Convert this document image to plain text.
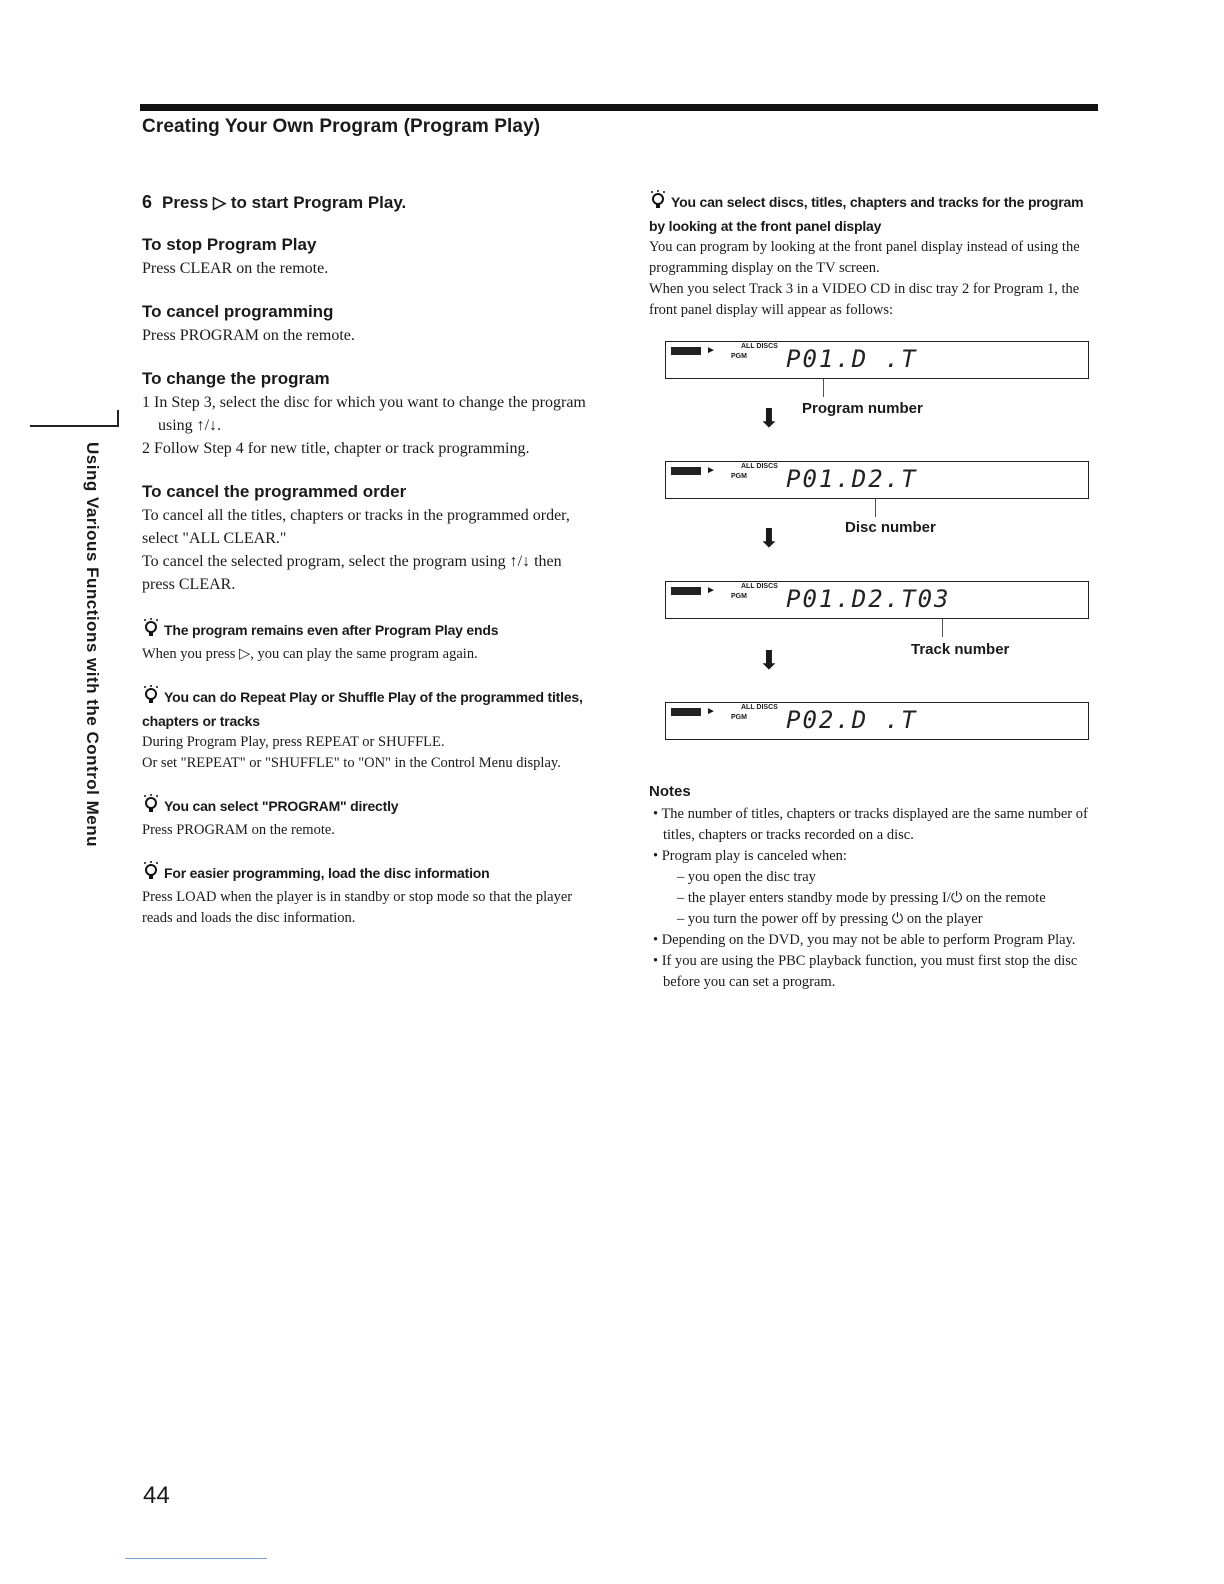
Creating Your Own Program (Program Play)
Using Various Functions with the Control Menu
6 Press ▷ to start Program Play.
To stop Program Play

Press CLEAR on the remote.

To cancel programming

Press PROGRAM on the remote.

To change the program
1 In Step 3, select the disc for which you want to change the program using ↑/↓.
2 Follow Step 4 for new title, chapter or track programming.
To cancel the programmed order

To cancel all the titles, chapters or tracks in the programmed order, select "ALL CLEAR."

To cancel the selected program, select the program using ↑/↓ then press CLEAR.

The program remains even after Program Play ends
When you press ▷, you can play the same program again.
You can do Repeat Play or Shuffle Play of the programmed titles, chapters or tracks
During Program Play, press REPEAT or SHUFFLE.
Or set "REPEAT" or "SHUFFLE" to "ON" in the Control Menu display.
You can select "PROGRAM" directly
Press PROGRAM on the remote.
For easier programming, load the disc information
Press LOAD when the player is in standby or stop mode so that the player reads and loads the disc information.
You can select discs, titles, chapters and tracks for the program by looking at the front panel display
You can program by looking at the front panel display instead of using the programming display on the TV screen.
When you select Track 3 in a VIDEO CD in disc tray 2 for Program 1, the front panel display will appear as follows:
►	ALL DISCS
PGM P01.D .T
⬇ Program number
►	ALL DISCS
PGM P01.D2.T
⬇	Disc number
►	ALL DISCS
PGM P01.D2.T03
⬇	Track number
►	ALL DISCS
PGM P02.D .T
Notes
• The number of titles, chapters or tracks displayed are the same number of titles, chapters or tracks recorded on a disc.
• Program play is canceled when:
– you open the disc tray
– the player enters standby mode by pressing I/⏻ on the remote
– you turn the power off by pressing ⏻ on the player
• Depending on the DVD, you may not be able to perform Program Play.
• If you are using the PBC playback function, you must first stop the disc before you can set a program.
44
